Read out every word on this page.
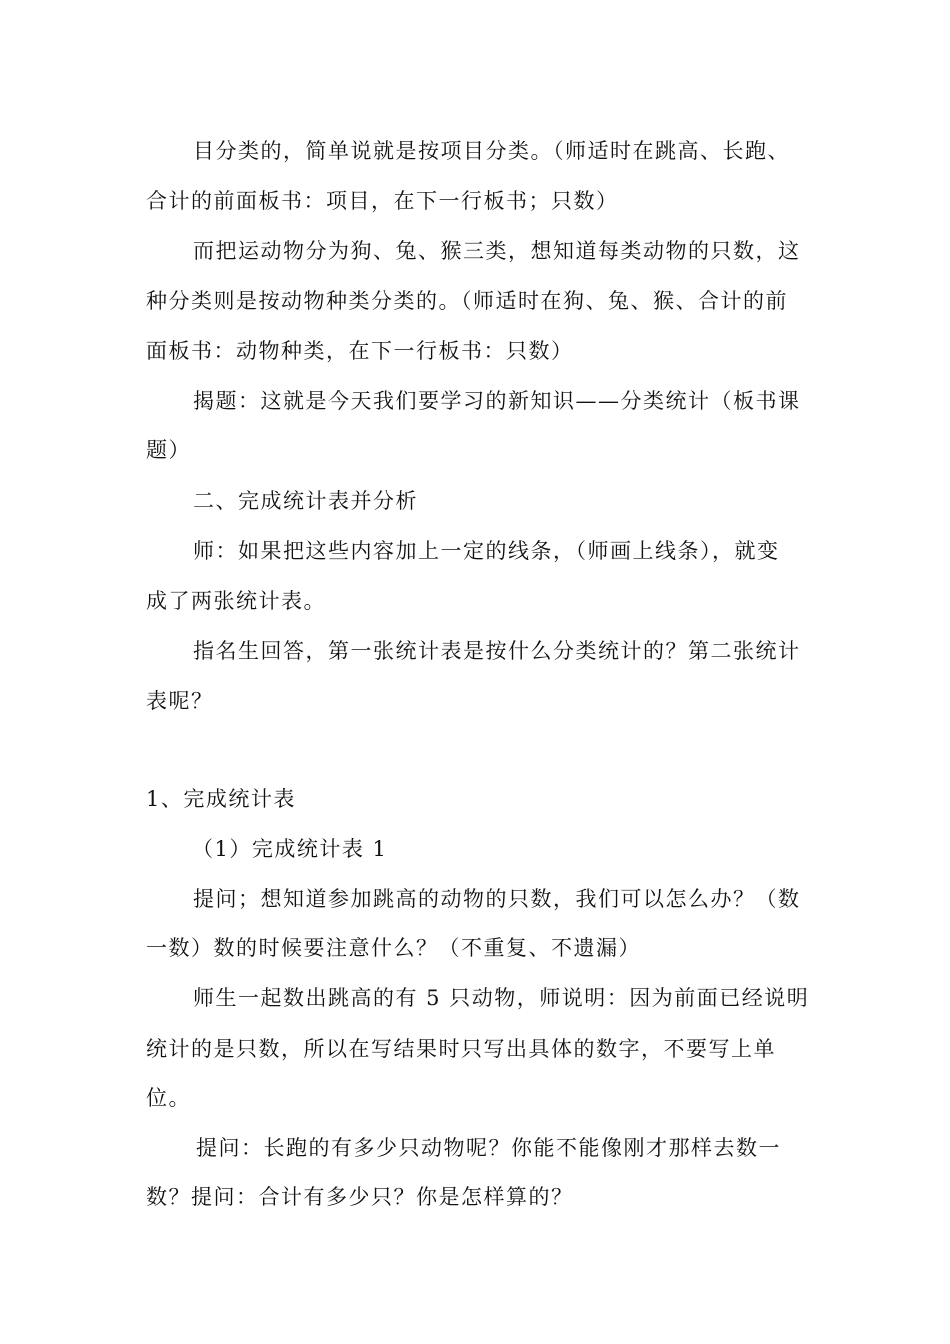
目分类的，简单说就是按项目分类。（师适时在跳高、长跑、
合计的前面板书：项目，在下一行板书；只数）
而把运动物分为狗、兔、猴三类，想知道每类动物的只数，这
种分类则是按动物种类分类的。（师适时在狗、兔、猴、合计的前
面板书：动物种类，在下一行板书：只数）
揭题：这就是今天我们要学习的新知识——分类统计（板书课
题）
二、完成统计表并分析
师：如果把这些内容加上一定的线条，（师画上线条），就变
成了两张统计表。
指名生回答，第一张统计表是按什么分类统计的？第二张统计
表呢？
1、完成统计表
（1）完成统计表 1
提问；想知道参加跳高的动物的只数，我们可以怎么办？（数
一数）数的时候要注意什么？（不重复、不遗漏）
师生一起数出跳高的有 5 只动物，师说明：因为前面已经说明
统计的是只数，所以在写结果时只写出具体的数字，不要写上单
位。
提问：长跑的有多少只动物呢？你能不能像刚才那样去数一
数？提问：合计有多少只？你是怎样算的？
